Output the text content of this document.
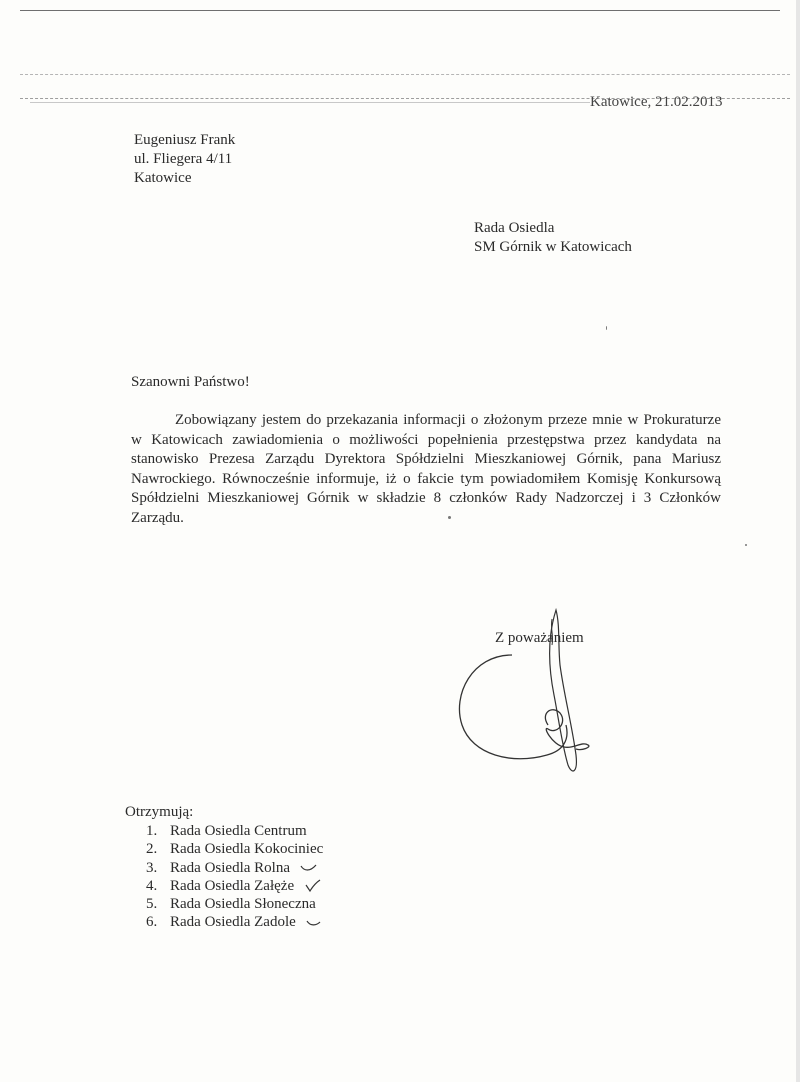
Katowice, 21.02.2013
Eugeniusz Frank
ul. Fliegera 4/11
Katowice
Rada Osiedla
SM Górnik w Katowicach
Szanowni Państwo!
Zobowiązany jestem do przekazania informacji o złożonym przeze mnie w Prokuraturze w Katowicach zawiadomienia o możliwości popełnienia przestępstwa przez kandydata na stanowisko Prezesa Zarządu Dyrektora Spółdzielni Mieszkaniowej Górnik, pana Mariusz Nawrockiego. Równocześnie informuje, iż o fakcie tym powiadomiłem Komisję Konkursową Spółdzielni Mieszkaniowej Górnik w składzie 8 członków Rady Nadzorczej i 3 Członków Zarządu.
Z poważaniem
Otrzymują:
1. Rada Osiedla Centrum
2. Rada Osiedla Kokociniec
3. Rada Osiedla Rolna
4. Rada Osiedla Załęże
5. Rada Osiedla Słoneczna
6. Rada Osiedla Zadole
